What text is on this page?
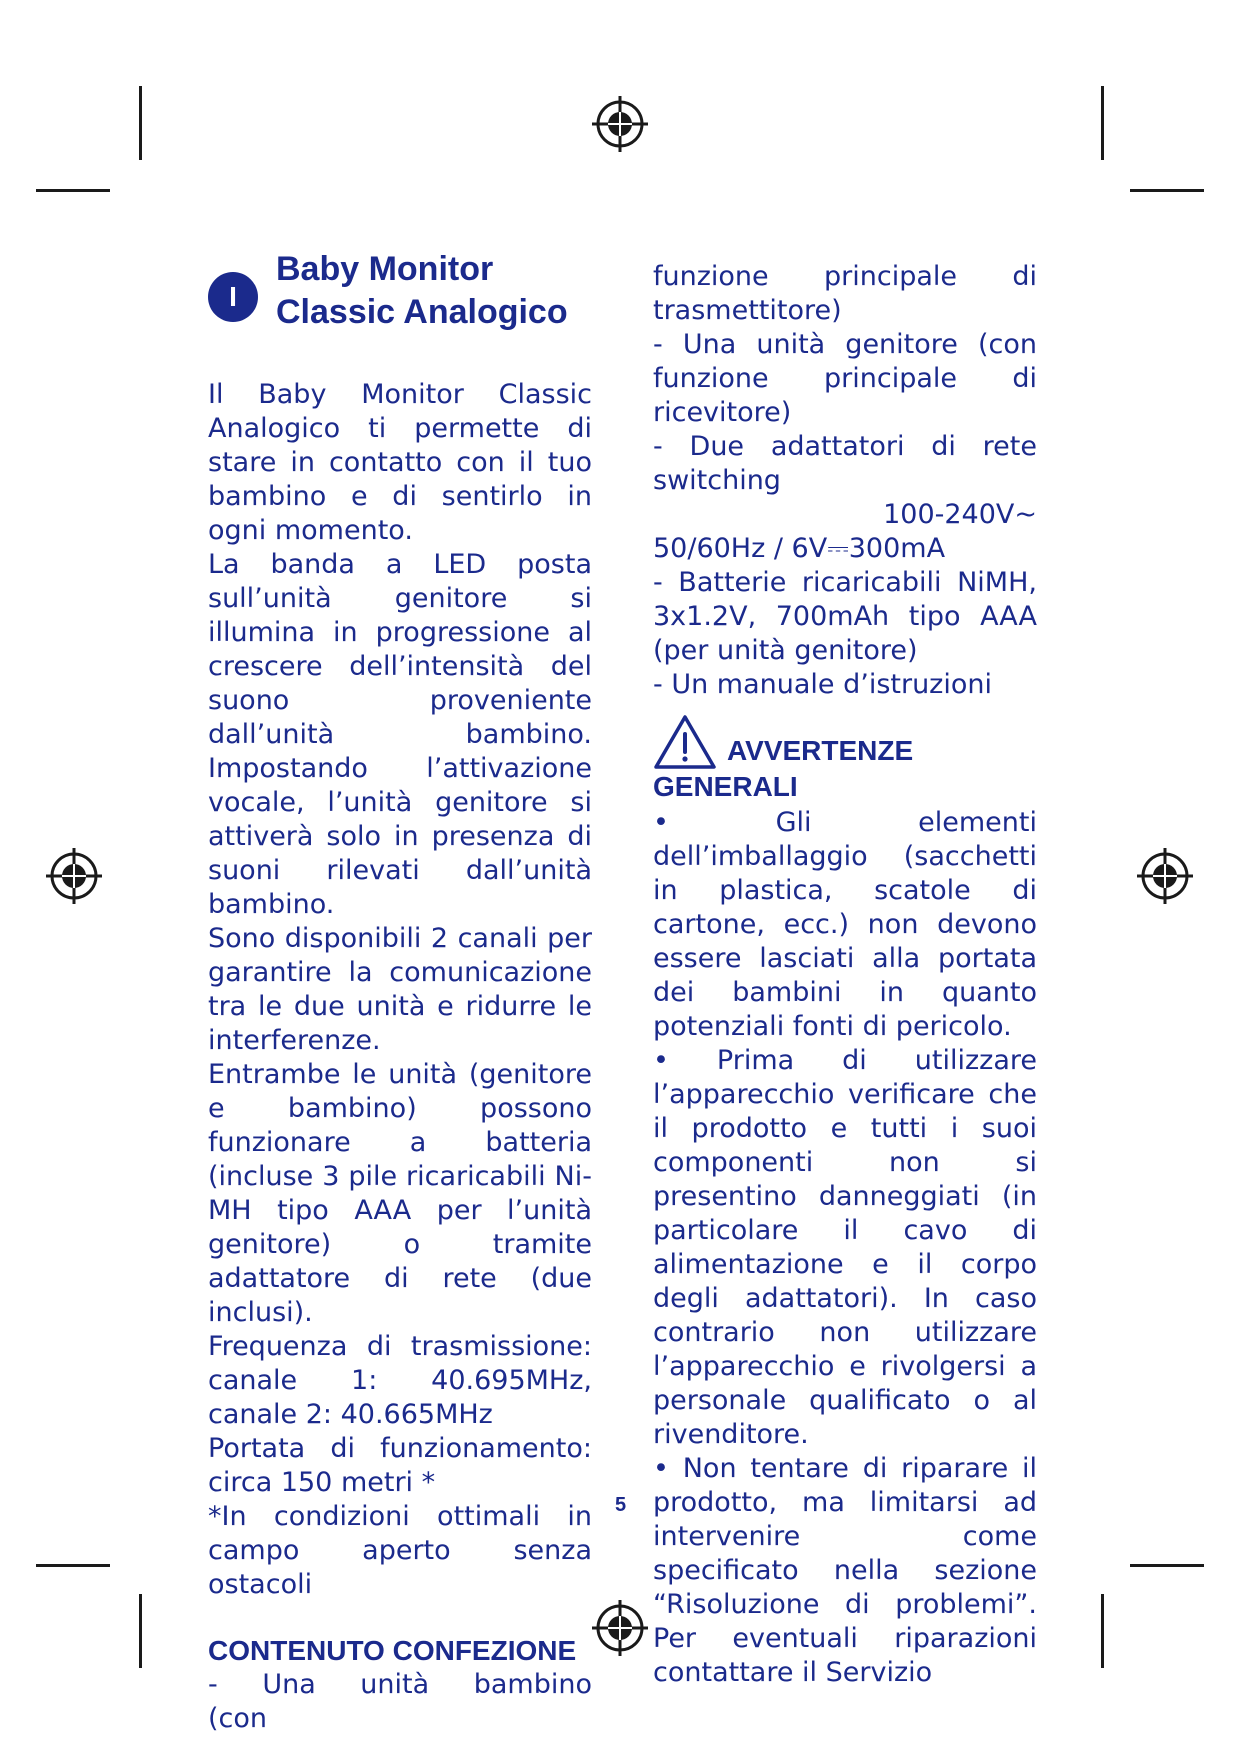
I
Baby Monitor
Classic Analogico

Il Baby Monitor Classic Analogico ti permette di stare in contatto con il tuo bambino e di sentirlo in ogni momento.

La banda a LED posta sull’unità genitore si illumina in progressione al crescere dell’intensità del suono proveniente dall’unità bambino. Impostando l’attivazione vocale, l’unità genitore si attiverà solo in presenza di suoni rilevati dall’unità bambino.

Sono disponibili 2 canali per garantire la comunicazione tra le due unità e ridurre le interferenze.

Entrambe le unità (genitore e bambino) possono funzionare a batteria (incluse 3 pile ricaricabili Ni-MH tipo AAA per l’unità genitore) o tramite adattatore di rete (due inclusi).

Frequenza di trasmissione: canale 1: 40.695MHz, canale 2: 40.665MHz

Portata di funzionamento: circa 150 metri *

*In condizioni ottimali in campo aperto senza ostacoli

CONTENUTO CONFEZIONE

- Una unità bambino (con

funzione principale di trasmettitore)

- Una unità genitore (con funzione principale di ricevitore)

- Due adattatori di rete switching

100-240V~

50/60Hz / 6V⎓300mA

- Batterie ricaricabili NiMH, 3x1.2V, 700mAh tipo AAA (per unità genitore)

- Un manuale d’istruzioni

AVVERTENZE GENERALI

• Gli elementi dell’imballaggio (sacchetti in plastica, scatole di cartone, ecc.) non devono essere lasciati alla portata dei bambini in quanto potenziali fonti di pericolo.

• Prima di utilizzare l’apparecchio verificare che il prodotto e tutti i suoi componenti non si presentino danneggiati (in particolare il cavo di alimentazione e il corpo degli adattatori). In caso contrario non utilizzare l’apparecchio e rivolgersi a personale qualificato o al rivenditore.

• Non tentare di riparare il prodotto, ma limitarsi ad intervenire come specificato nella sezione “Risoluzione di problemi”. Per eventuali riparazioni contattare il Servizio

5
